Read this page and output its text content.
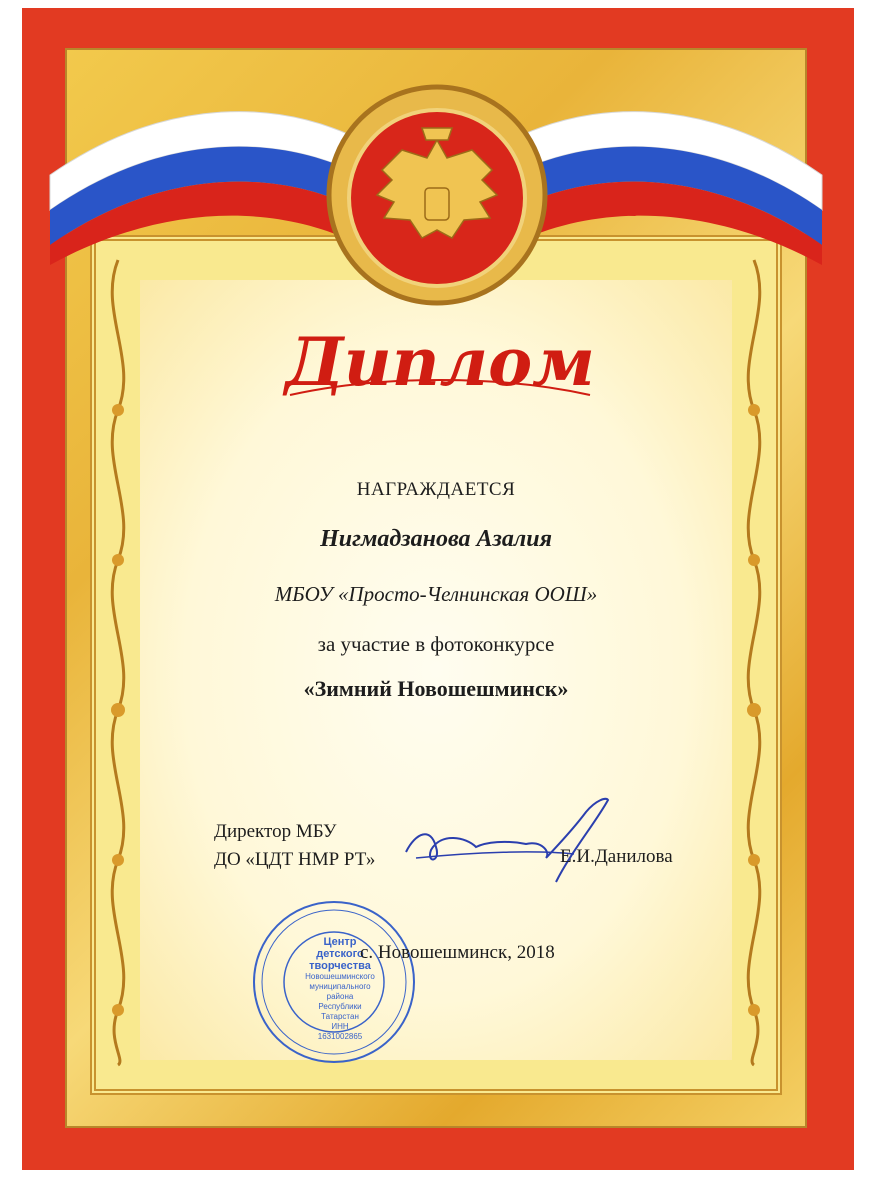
Диплом
НАГРАЖДАЕТСЯ
Нигмадзанова Азалия
МБОУ «Просто-Челнинская ООШ»
за участие в фотоконкурсе
«Зимний Новошешминск»
Директор МБУ
ДО «ЦДТ НМР РТ»	Е.И.Данилова
Центр
детского
творчества
Новошешминского
муниципального района
Республики Татарстан
ИНН
1631002865
с. Новошешминск, 2018
